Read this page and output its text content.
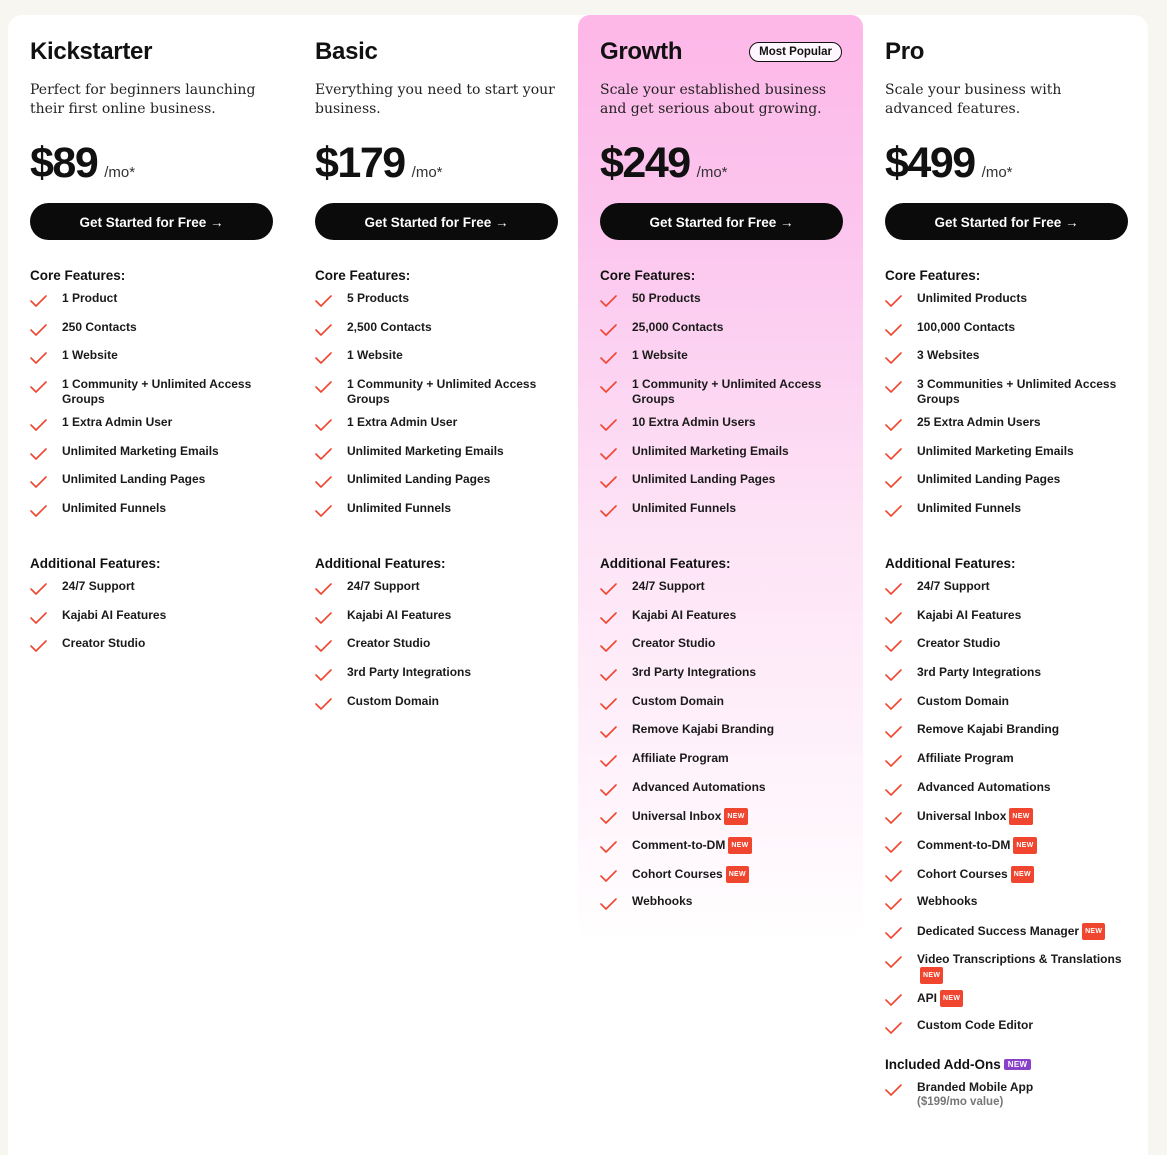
Kickstarter
Perfect for beginners launching their first online business.
$89 /mo*
Get Started for Free →
Core Features:
1 Product
250 Contacts
1 Website
1 Community + Unlimited Access Groups
1 Extra Admin User
Unlimited Marketing Emails
Unlimited Landing Pages
Unlimited Funnels
Additional Features:
24/7 Support
Kajabi AI Features
Creator Studio
Basic
Everything you need to start your business.
$179 /mo*
Get Started for Free →
Core Features:
5 Products
2,500 Contacts
1 Website
1 Community + Unlimited Access Groups
1 Extra Admin User
Unlimited Marketing Emails
Unlimited Landing Pages
Unlimited Funnels
Additional Features:
24/7 Support
Kajabi AI Features
Creator Studio
3rd Party Integrations
Custom Domain
Growth	Most Popular
Scale your established business and get serious about growing.
$249 /mo*
Get Started for Free →
Core Features:
50 Products
25,000 Contacts
1 Website
1 Community + Unlimited Access Groups
10 Extra Admin Users
Unlimited Marketing Emails
Unlimited Landing Pages
Unlimited Funnels
Additional Features:
24/7 Support
Kajabi AI Features
Creator Studio
3rd Party Integrations
Custom Domain
Remove Kajabi Branding
Affiliate Program
Advanced Automations
Universal Inbox NEW
Comment-to-DM NEW
Cohort Courses NEW
Webhooks
Pro
Scale your business with advanced features.
$499 /mo*
Get Started for Free →
Core Features:
Unlimited Products
100,000 Contacts
3 Websites
3 Communities + Unlimited Access Groups
25 Extra Admin Users
Unlimited Marketing Emails
Unlimited Landing Pages
Unlimited Funnels
Additional Features:
24/7 Support
Kajabi AI Features
Creator Studio
3rd Party Integrations
Custom Domain
Remove Kajabi Branding
Affiliate Program
Advanced Automations
Universal Inbox NEW
Comment-to-DM NEW
Cohort Courses NEW
Webhooks
Dedicated Success Manager NEW
Video Transcriptions & TranslationsNEW
API NEW
Custom Code Editor
Included Add-Ons NEW
Branded Mobile App
($199/mo value)
